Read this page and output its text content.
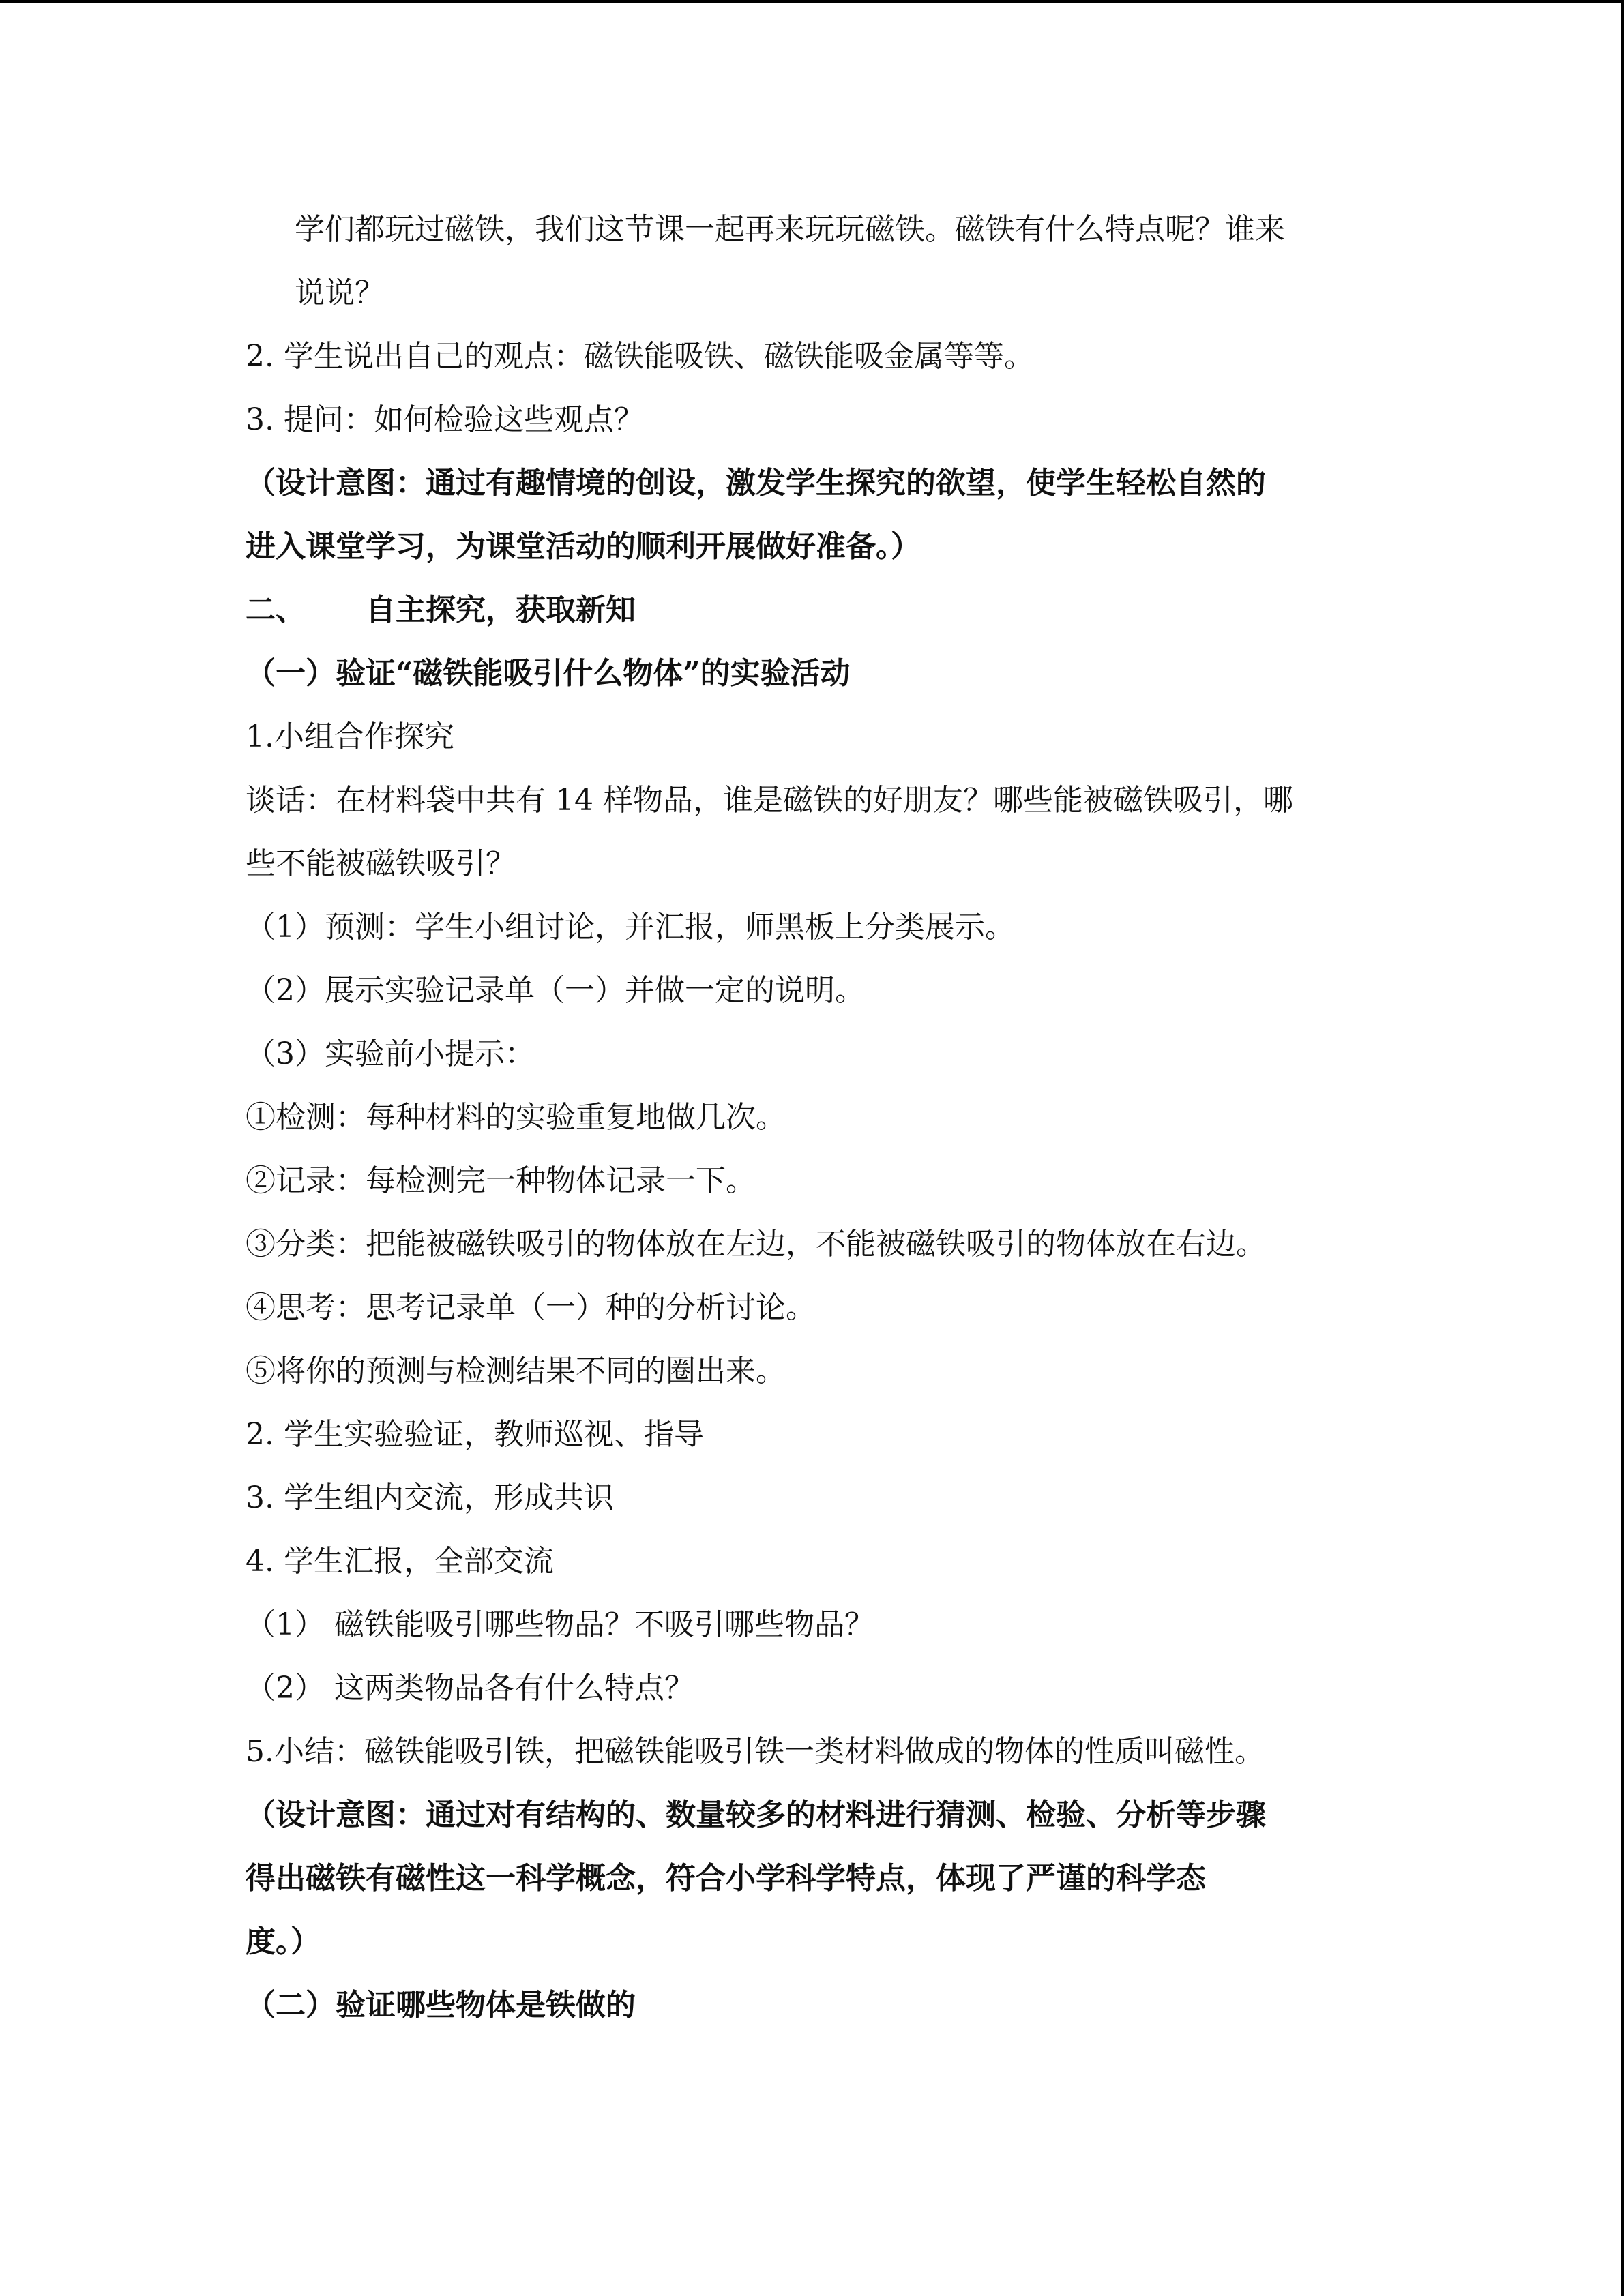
学们都玩过磁铁，我们这节课一起再来玩玩磁铁。磁铁有什么特点呢？谁来
说说？
2. 学生说出自己的观点：磁铁能吸铁、磁铁能吸金属等等。
3. 提问：如何检验这些观点？
（设计意图：通过有趣情境的创设，激发学生探究的欲望，使学生轻松自然的
进入课堂学习，为课堂活动的顺利开展做好准备。）
二、 自主探究，获取新知
（一）验证“磁铁能吸引什么物体”的实验活动
1.小组合作探究
谈话：在材料袋中共有 14 样物品，谁是磁铁的好朋友？哪些能被磁铁吸引，哪
些不能被磁铁吸引？
（1）预测：学生小组讨论，并汇报，师黑板上分类展示。
（2）展示实验记录单（一）并做一定的说明。
（3）实验前小提示：
①检测：每种材料的实验重复地做几次。
②记录：每检测完一种物体记录一下。
③分类：把能被磁铁吸引的物体放在左边，不能被磁铁吸引的物体放在右边。
④思考：思考记录单（一）种的分析讨论。
⑤将你的预测与检测结果不同的圈出来。
2. 学生实验验证，教师巡视、指导
3. 学生组内交流，形成共识
4. 学生汇报，全部交流
（1） 磁铁能吸引哪些物品？不吸引哪些物品？
（2） 这两类物品各有什么特点？
5.小结：磁铁能吸引铁，把磁铁能吸引铁一类材料做成的物体的性质叫磁性。
（设计意图：通过对有结构的、数量较多的材料进行猜测、检验、分析等步骤
得出磁铁有磁性这一科学概念，符合小学科学特点，体现了严谨的科学态
度。）
（二）验证哪些物体是铁做的
